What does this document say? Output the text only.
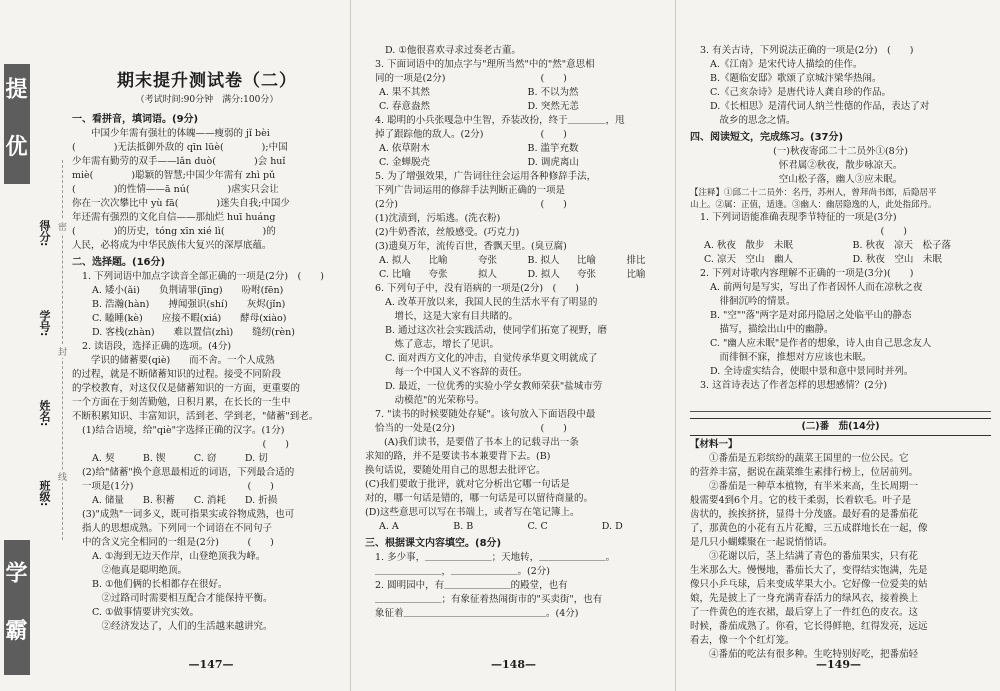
提 优
学 霸
得分:
学号:
姓名:
班级:
密
封
线
期末提升测试卷（二）
（考试时间:90分钟　满分:100分）
一、看拼音，填词语。(9分)
中国少年需有强壮的体魄——瘦弱的 jǐ bèi
(　　　　)无法抵御外敌的 qīn lüè(　　　　);中国
少年需有勤劳的双手——lǎn duò(　　　　)会 huǐ
miè(　　　　)聪颖的智慧;中国少年需有 zhì pǔ
(　　　　)的性情——ā nú(　　　　)虐实只会让
你在一次次攀比中 yù fā(　　　　)迷失自我;中国少
年还需有强烈的文化自信——那灿烂 huī huáng
(　　　　)的历史，tóng xīn xié lì(　　　　)的
人民，必将成为中华民族伟大复兴的深厚底蕴。
二、选择题。(16分)
1. 下列词语中加点字读音全部正确的一项是(2分)　(　　)
A. 矮小(ǎi)　　负荆请罪(jīng)　　吩咐(fēn)
B. 浩瀚(hàn)　　搏闻强识(shí)　　灰烬(jǐn)
C. 瞌睡(kè)　　应接不暇(xiá)　　酵母(xiào)
D. 客栈(zhàn)　　难以置信(zhì)　　缝纫(rèn)
2. 读语段，选择正确的选项。(4分)
学识的储蓄要(qiè)　　而不舍。一个人成熟
的过程，就是不断储蓄知识的过程。接受不同阶段
的学校教育，对这仅仅是储蓄知识的一方面，更重要的
一个方面在于刻苦勤勉，日积月累，在长长的一生中
不断积累知识、丰富知识，活到老、学到老，"储蓄"到老。
(1)结合语境，给"qiè"字选择正确的汉字。(1分)
　　　　　　　　　　　　　　　　　　　(　　)
A. 契　　　B. 锲　　　C. 窃　　　D. 切
(2)给"储蓄"换个意思最相近的词语，下列最合适的
一项是(1分)　　　　　　　　　　　　(　　)
A. 储量　　B. 积蓄　　C. 消耗　　D. 折损
(3)"成熟"一词多义，既可指果实或谷物成熟，也可
指人的思想成熟。下列同一个词语在不同句子
中的含义完全相同的一组是(2分)　　　(　　)
A. ①海到无边天作岸，山登绝顶我为峰。
　②他真是聪明绝顶。
B. ①他们俩的长相都存在很好。
　②过路司时需要相互配合才能保持平衡。
C. ①做事情要讲究实效。
　②经济发达了，人们的生活越来越讲究。
—147—
D. ①他很喜欢寻求过奏老古董。
3. 下面词语中的加点字与"理所当然"中的"然"意思相
同的一项是(2分)　　　　　　　　　　(　　)
A. 果不其然	B. 不以为然
C. 春意盎然	D. 突然无恙
4. 聪明的小兵张嘎急中生智，乔装改扮，终于＿＿＿＿，甩
掉了跟踪他的敌人。(2分)　　　　　　(　　)
A. 依草附木	B. 滥竽充数
C. 金蝉脱壳	D. 调虎离山
5. 为了增强效果，广告词往往会运用各种修辞手法，
下列广告词运用的修辞手法判断正确的一项是
(2分)　　　　　　　　　　　　　　　(　　)
(1)沈渍到，污垢逃。(洗衣粉)
(2)牛奶香浓，丝般感受。(巧克力)
(3)遗臭万年，流传百世，香飘天里。(臭豆腐)
A. 拟人	比喻	夸张	B. 拟人	比喻	排比
C. 比喻	夸张	拟人	D. 拟人	夸张	比喻
6. 下列句子中，没有语病的一项是(2分)　(　　)
A. 改革开放以来，我国人民的生活水平有了明显的
　增长，这是大家有目共睹的。
B. 通过这次社会实践活动，使同学们拓宽了视野，磨
　炼了意志，增长了见识。
C. 面对西方文化的冲击，自觉传承华夏文明就成了
　每一个中国人义不容辞的责任。
D. 最近，一位优秀的实验小学女教师荣获"盐城市劳
　动模范"的光荣称号。
7. "读书的时候要随处存疑"。该句放入下面语段中最
恰当的一处是(2分)　　　　　　　　　(　　)
(A)我们读书，是要借了书本上的记载寻出一条
求知的路，并不是要读书本兼要背下去。(B)
换句话说，要随处用自己的思想去批评它。
(C)我们要敢于批评，就对它分析出它哪一句话是
对的，哪一句话是错的，哪一句话是可以留待商量的。
(D)这些意思可以写在书端上，或者写在笔记簿上。
A. A	B. B	C. C	D. D
三、根据课文内容填空。(8分)
1. 多少事，＿＿＿＿＿＿＿；天地转，＿＿＿＿＿＿＿。
＿＿＿＿＿＿＿，＿＿＿＿＿＿＿。(2分)
2. 圆明园中，有＿＿＿＿＿＿＿的殿堂，也有
＿＿＿＿＿＿＿；有象征着热闹街市的"买卖街"，也有
象征着＿＿＿＿＿＿＿＿＿＿＿＿＿＿＿。(4分)
—148—
3. 有关古诗，下列说法正确的一项是(2分)　(　　)
A.《江南》是宋代诗人描绘的佳作。
B.《题临安邸》歌颂了京城汴梁华热闹。
C.《己亥杂诗》是唐代诗人龚自珍的作品。
D.《长相思》是清代词人纳兰性德的作品，表达了对
　故乡的思念之情。
四、阅读短文，完成练习。(37分)
(一)秋夜寄邱二十二员外①(8分)
怀君属②秋夜，散步咏凉天。
空山松子落，幽人③应未眠。
【注释】①邱二十二员外：名丹，苏州人，曾拜尚书郎，后隐居平
山上。②属：正值，适逢。③幽人：幽居隐逸的人，此处指邱丹。
1. 下列词语能准确表现季节特征的一项是(3分)
　　　　　　　　　　　　　　　　　　　(　　)
A. 秋夜　散步　未眠	B. 秋夜　凉天　松子落
C. 凉天　空山　幽人	D. 秋夜　空山　未眠
2. 下列对诗歌内容理解不正确的一项是(3分)(　　)
A. 前两句是写实，写出了作者因怀人而在凉秋之夜
　徘徊沉吟的情景。
B. "空""落"两字是对邱丹隐居之处临平山的静态
　描写，描绘出山中的幽静。
C. "幽人应未眠"是作者的想象，诗人由自己思念友人
　而徘徊不寐，推想对方应该也未眠。
D. 全诗虚实结合，使眼中景和意中景同时并列。
3. 这首诗表达了作者怎样的思想感情？(2分)
(二)番　茄(14分)
【材料一】
①番茄是五彩缤纷的蔬菜王国里的一位公民。它
的营养丰富，据说在蔬菜维生素排行榜上，位居前列。
②番茄是一种草本植物，有半米来高，生长周期一
般需要4到6个月。它的枝干柔弱，长着软毛。叶子是
齿状的，挨挨挤挤，显得十分茂盛。最好看的是番茄花
了，那黄色的小花有五片花瓣，三五成群地长在一起，像
是几只小蝴蝶聚在一起说悄悄话。
③花谢以后，茎上结满了青色的番茄果实，只有花
生米那么大。慢慢地，番茄长大了，变得结实饱满，先是
像只小乒乓球，后来变成苹果大小。它好像一位爱美的姑
娘，先是披上了一身充满青春活力的绿风衣，接着换上
了一件黄色的连衣裙，最后穿上了一件红色的皮衣。这
时候，番茄成熟了。你看，它长得鲜艳，红得发亮，远远
看去，像一个个红灯笼。
④番茄的吃法有很多种。生吃特别好吃，把番茄轻
—149—
